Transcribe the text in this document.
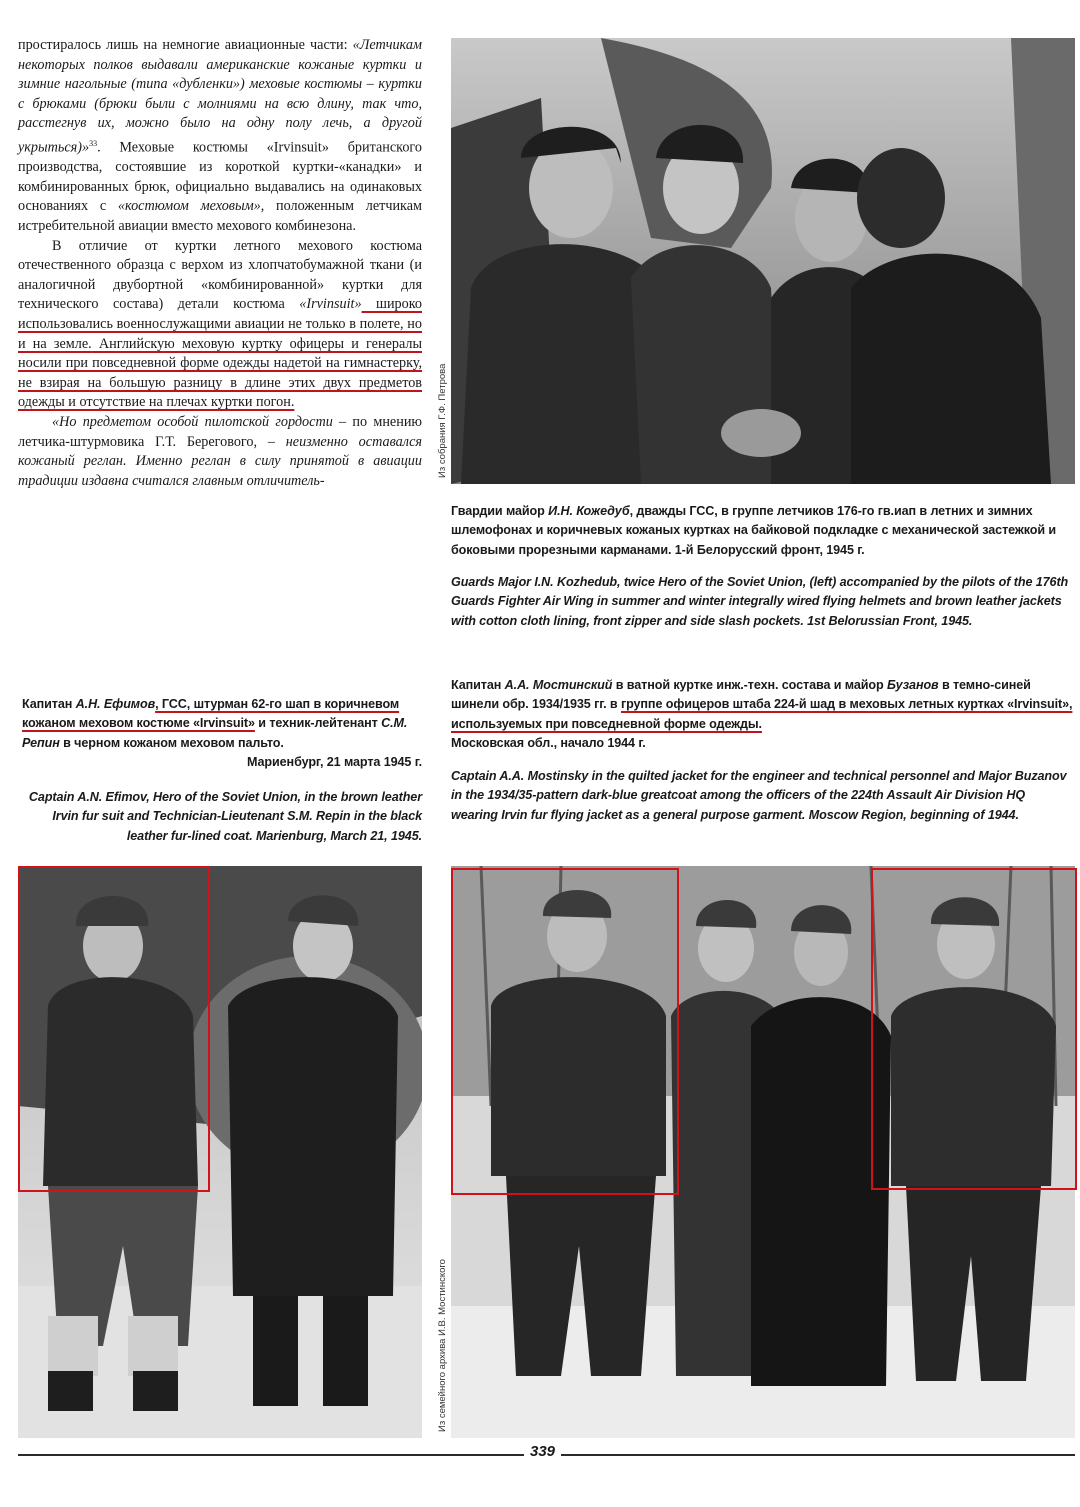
простиралось лишь на немногие авиационные части: «Летчикам некоторых полков выдавали американские кожаные куртки и зимние нагольные (типа «дубленки») меховые костюмы – куртки с брюками (брюки были с молниями на всю длину, так что, расстегнув их, можно было на одну полу лечь, а другой укрыться)»$^{33}$. Меховые костюмы «Irvinsuit» британского производства, состоявшие из короткой куртки-«канадки» и комбинированных брюк, официально выдавались на одинаковых основаниях с «костюмом меховым», положенным летчикам истребительной авиации вместо мехового комбинезона.

В отличие от куртки летного мехового костюма отечественного образца с верхом из хлопчатобумажной ткани (и аналогичной двубортной «комбинированной» куртки для технического состава) детали костюма «Irvinsuit» широко использовались военнослужащими авиации не только в полете, но и на земле. Английскую меховую куртку офицеры и генералы носили при повседневной форме одежды надетой на гимнастерку, не взирая на большую разницу в длине этих двух предметов одежды и отсутствие на плечах куртки погон.

«Но предметом особой пилотской гордости – по мнению летчика-штурмовика Г.Т. Берегового, – неизменно оставался кожаный реглан. Именно реглан в силу принятой в авиации традиции издавна считался главным отличитель-

Из собрания Г.Ф. Петрова

Гвардии майор И.Н. Кожедуб, дважды ГСС, в группе летчиков 176-го гв.иап в летних и зимних шлемофонах и коричневых кожаных куртках на байковой подкладке с механической застежкой и боковыми прорезными карманами. 1-й Белорусский фронт, 1945 г.

Guards Major I.N. Kozhedub, twice Hero of the Soviet Union, (left) accompanied by the pilots of the 176th Guards Fighter Air Wing in summer and winter integrally wired flying helmets and brown leather jackets with cotton cloth lining, front zipper and side slash pockets. 1st Belorussian Front, 1945.

Капитан А.А. Мостинский в ватной куртке инж.-техн. состава и майор Бузанов в темно-синей шинели обр. 1934/1935 гг. в группе офицеров штаба 224-й шад в меховых летных куртках «Irvinsuit», используемых при повседневной форме одежды.

Московская обл., начало 1944 г.

Captain A.A. Mostinsky in the quilted jacket for the engineer and technical personnel and Major Buzanov in the 1934/35-pattern dark-blue greatcoat among the officers of the 224th Assault Air Division HQ wearing Irvin fur flying jacket as a general purpose garment. Moscow Region, beginning of 1944.

Капитан А.Н. Ефимов, ГСС, штурман 62-го шап в коричневом кожаном меховом костюме «Irvinsuit» и техник-лейтенант С.М. Репин в черном кожаном меховом пальто.

Мариенбург, 21 марта 1945 г.

Captain A.N. Efimov, Hero of the Soviet Union, in the brown leather Irvin fur suit and Technician-Lieutenant S.M. Repin in the black leather fur-lined coat. Marienburg, March 21, 1945.

Из семейного архива И.В. Мостинского
339
